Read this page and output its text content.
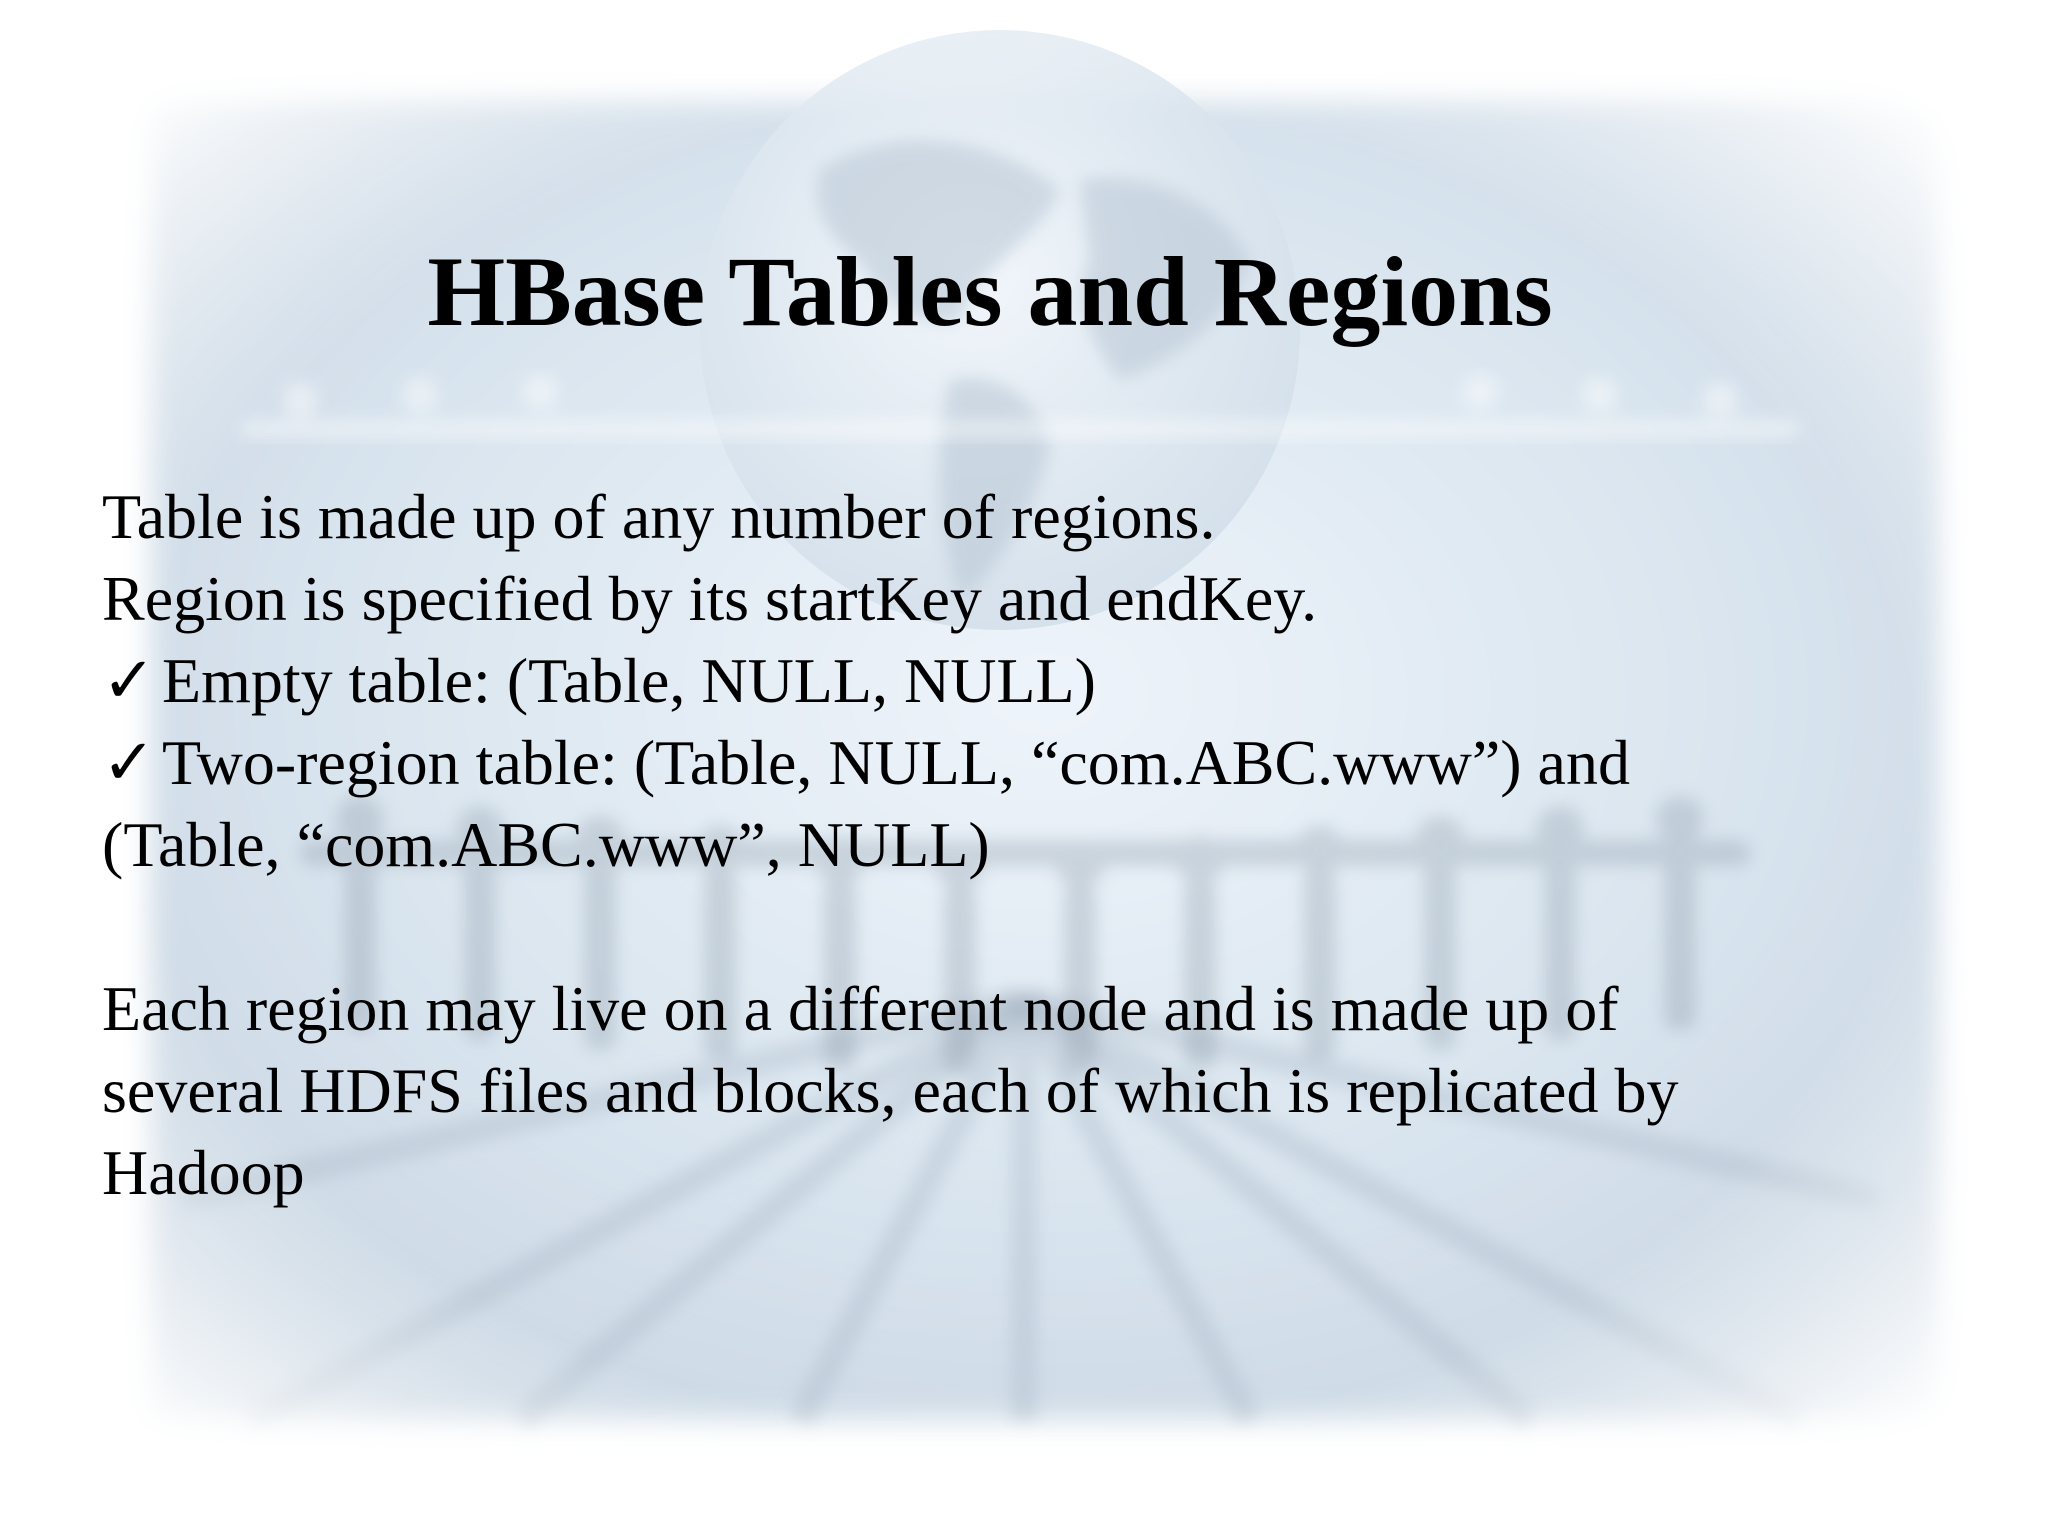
HBase Tables and Regions
Table is made up of any number of regions.
Region is specified by its startKey and endKey.
✓Empty table: (Table, NULL, NULL)
✓Two-region table: (Table, NULL, “com.ABC.www”) and
(Table, “com.ABC.www”, NULL)
Each region may live on a different node and is made up of
several HDFS files and blocks, each of which is replicated by
Hadoop
